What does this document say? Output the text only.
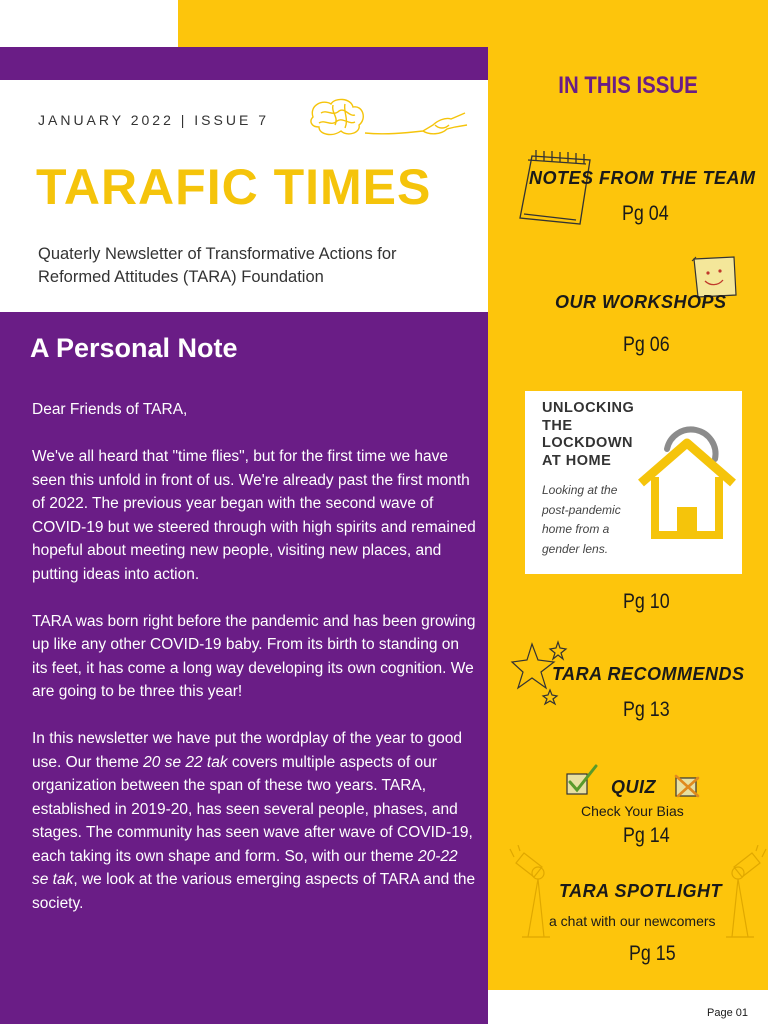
JANUARY 2022 | ISSUE 7
TARAFIC TIMES
Quaterly Newsletter of Transformative Actions for Reformed Attitudes (TARA) Foundation
A Personal Note

Dear Friends of TARA,

We've all heard that "time flies", but for the first time we have seen this unfold in front of us. We're already past the first month of 2022. The previous year began with the second wave of COVID-19 but we steered through with high spirits and remained hopeful about meeting new people, visiting new places, and putting ideas into action.

TARA was born right before the pandemic and has been growing up like any other COVID-19 baby. From its birth to standing on its feet, it has come a long way developing its own cognition. We are going to be three this year!

In this newsletter we have put the wordplay of the year to good use. Our theme 20 se 22 tak covers multiple aspects of our organization between the span of these two years. TARA, established in 2019-20, has seen several people, phases, and stages. The community has seen wave after wave of COVID-19, each taking its own shape and form. So, with our theme 20-22 se tak, we look at the various emerging aspects of TARA and the society.

IN THIS ISSUE
NOTES FROM THE TEAM
Pg 04
OUR WORKSHOPS
Pg 06
UNLOCKING THE LOCKDOWN AT HOME
Looking at the post-pandemic home from a gender lens.
Pg 10
TARA RECOMMENDS
Pg 13
QUIZ
Check Your Bias
Pg 14
TARA SPOTLIGHT
a chat with our newcomers
Pg 15
Page 01
